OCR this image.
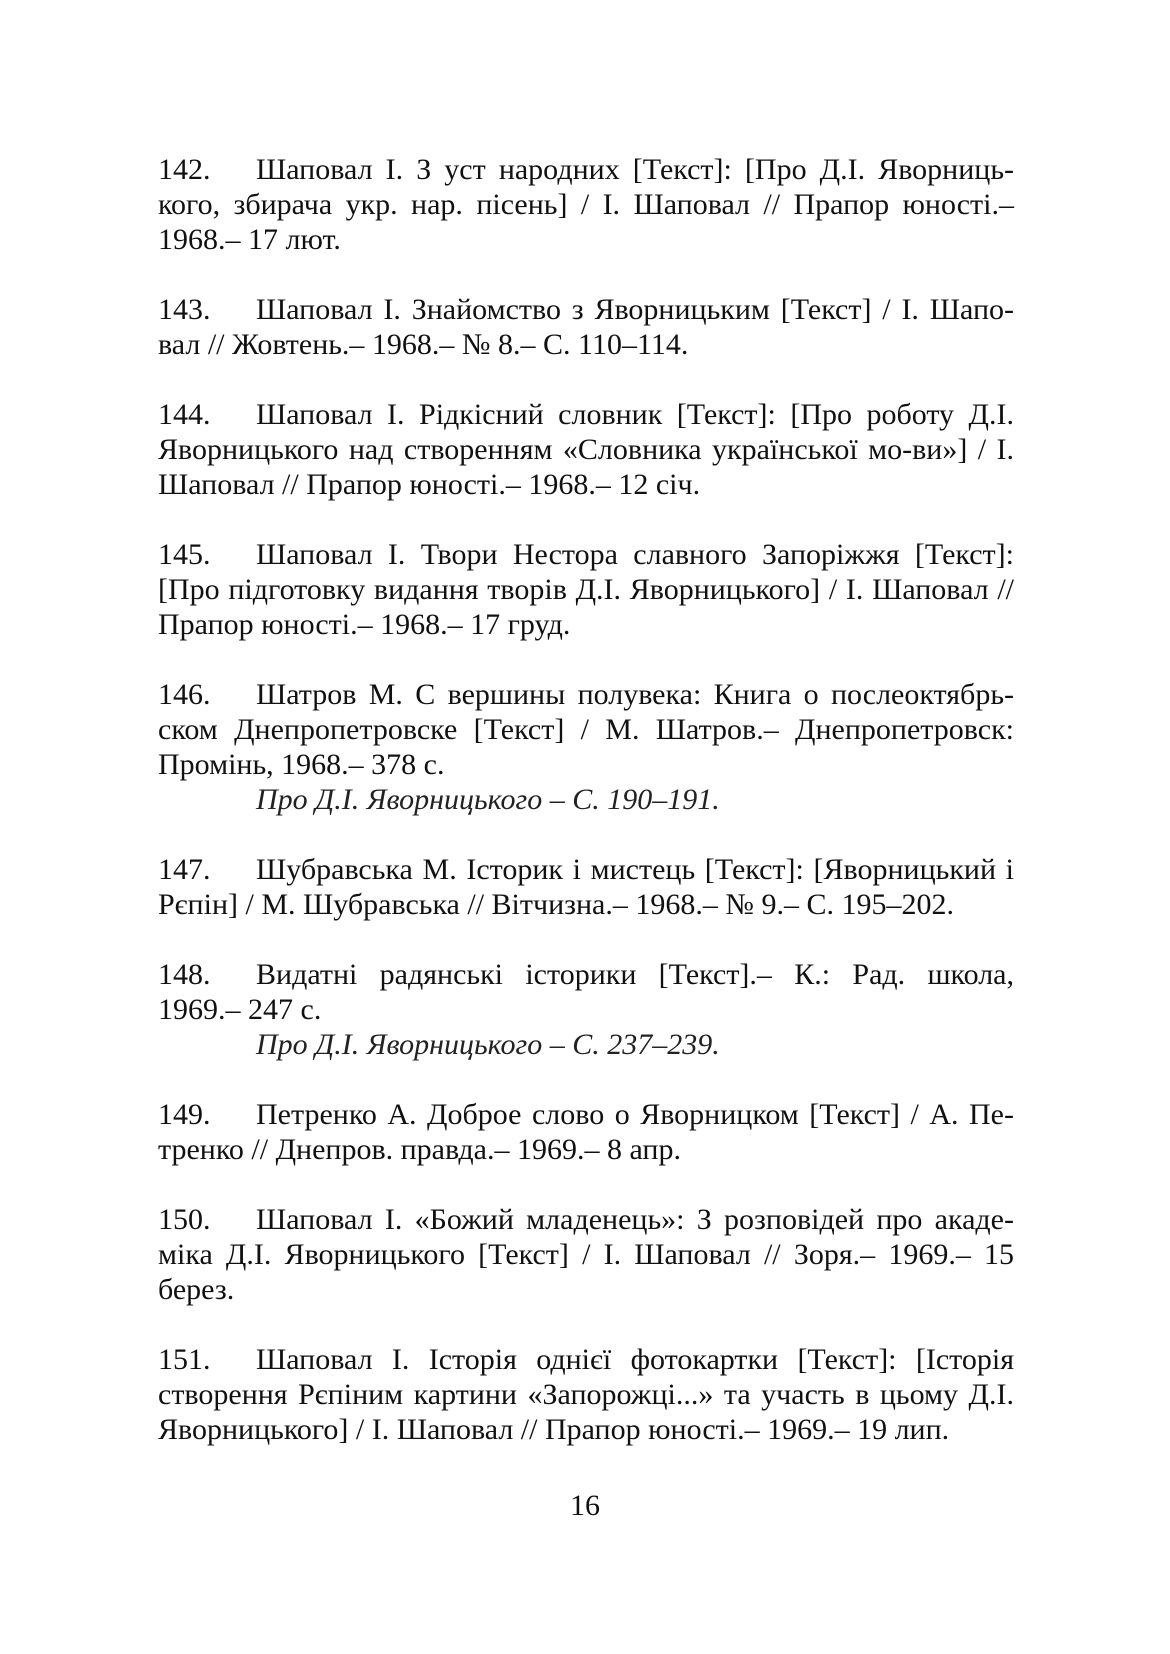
142. Шаповал І. З уст народних [Текст]: [Про Д.І. Яворниць-кого, збирача укр. нар. пісень] / І. Шаповал // Прапор юності.– 1968.– 17 лют.

143. Шаповал І. Знайомство з Яворницьким [Текст] / І. Шапо-вал // Жовтень.– 1968.– № 8.– С. 110–114.

144. Шаповал І. Рідкісний словник [Текст]: [Про роботу Д.І. Яворницького над створенням «Словника української мо-ви»] / І. Шаповал // Прапор юності.– 1968.– 12 січ.

145. Шаповал І. Твори Нестора славного Запоріжжя [Текст]: [Про підготовку видання творів Д.І. Яворницького] / І. Шаповал // Прапор юності.– 1968.– 17 груд.

146. Шатров М. С вершины полувека: Книга о послеоктябрь-ском Днепропетровске [Текст] / М. Шатров.– Днепропетровск: Промінь, 1968.– 378 с.

Про Д.І. Яворницького – С. 190–191.

147. Шубравська М. Історик і мистець [Текст]: [Яворницький і Рєпін] / М. Шубравська // Вітчизна.– 1968.– № 9.– С. 195–202.

148. Видатні радянські історики [Текст].– К.: Рад. школа, 1969.– 247 с.

Про Д.І. Яворницького – С. 237–239.

149. Петренко А. Доброе слово о Яворницком [Текст] / А. Пе-тренко // Днепров. правда.– 1969.– 8 апр.

150. Шаповал І. «Божий младенець»: З розповідей про акаде-міка Д.І. Яворницького [Текст] / І. Шаповал // Зоря.– 1969.– 15 берез.

151. Шаповал І. Історія однієї фотокартки [Текст]: [Історія створення Рєпіним картини «Запорожці...» та участь в цьому Д.І. Яворницького] / І. Шаповал // Прапор юності.– 1969.– 19 лип.

16
